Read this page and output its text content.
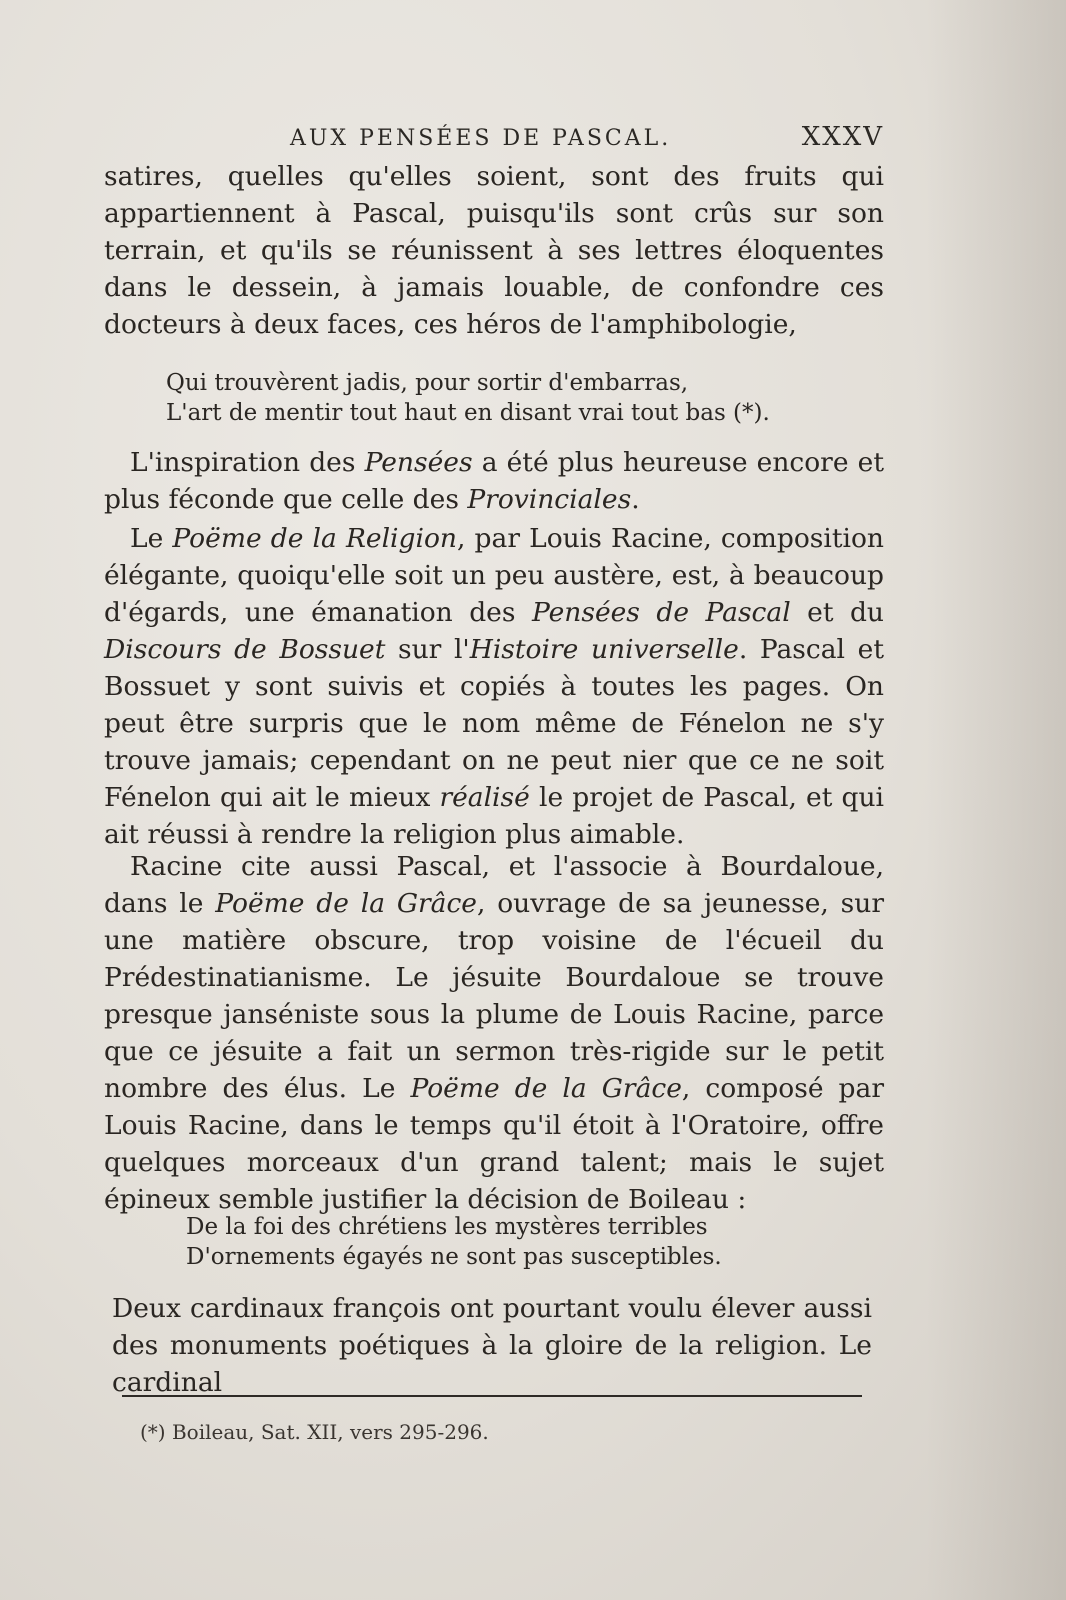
AUX PENSÉES DE PASCAL.	XXXV

satires, quelles qu'elles soient, sont des fruits qui appartiennent à Pascal, puisqu'ils sont crûs sur son terrain, et qu'ils se réunissent à ses lettres éloquentes dans le dessein, à jamais louable, de confondre ces docteurs à deux faces, ces héros de l'amphibologie,

Qui trouvèrent jadis, pour sortir d'embarras,
L'art de mentir tout haut en disant vrai tout bas (*).

L'inspiration des Pensées a été plus heureuse encore et plus féconde que celle des Provinciales.

Le Poëme de la Religion, par Louis Racine, composition élégante, quoiqu'elle soit un peu austère, est, à beaucoup d'égards, une émanation des Pensées de Pascal et du Discours de Bossuet sur l'Histoire universelle. Pascal et Bossuet y sont suivis et copiés à toutes les pages. On peut être surpris que le nom même de Fénelon ne s'y trouve jamais; cependant on ne peut nier que ce ne soit Fénelon qui ait le mieux réalisé le projet de Pascal, et qui ait réussi à rendre la religion plus aimable.

Racine cite aussi Pascal, et l'associe à Bourdaloue, dans le Poëme de la Grâce, ouvrage de sa jeunesse, sur une matière obscure, trop voisine de l'écueil du Prédestinatianisme. Le jésuite Bourdaloue se trouve presque janséniste sous la plume de Louis Racine, parce que ce jésuite a fait un sermon très-rigide sur le petit nombre des élus. Le Poëme de la Grâce, composé par Louis Racine, dans le temps qu'il étoit à l'Oratoire, offre quelques morceaux d'un grand talent; mais le sujet épineux semble justifier la décision de Boileau :

De la foi des chrétiens les mystères terribles
D'ornements égayés ne sont pas susceptibles.

Deux cardinaux françois ont pourtant voulu élever aussi des monuments poétiques à la gloire de la religion. Le cardinal

(*) Boileau, Sat. XII, vers 295-296.
